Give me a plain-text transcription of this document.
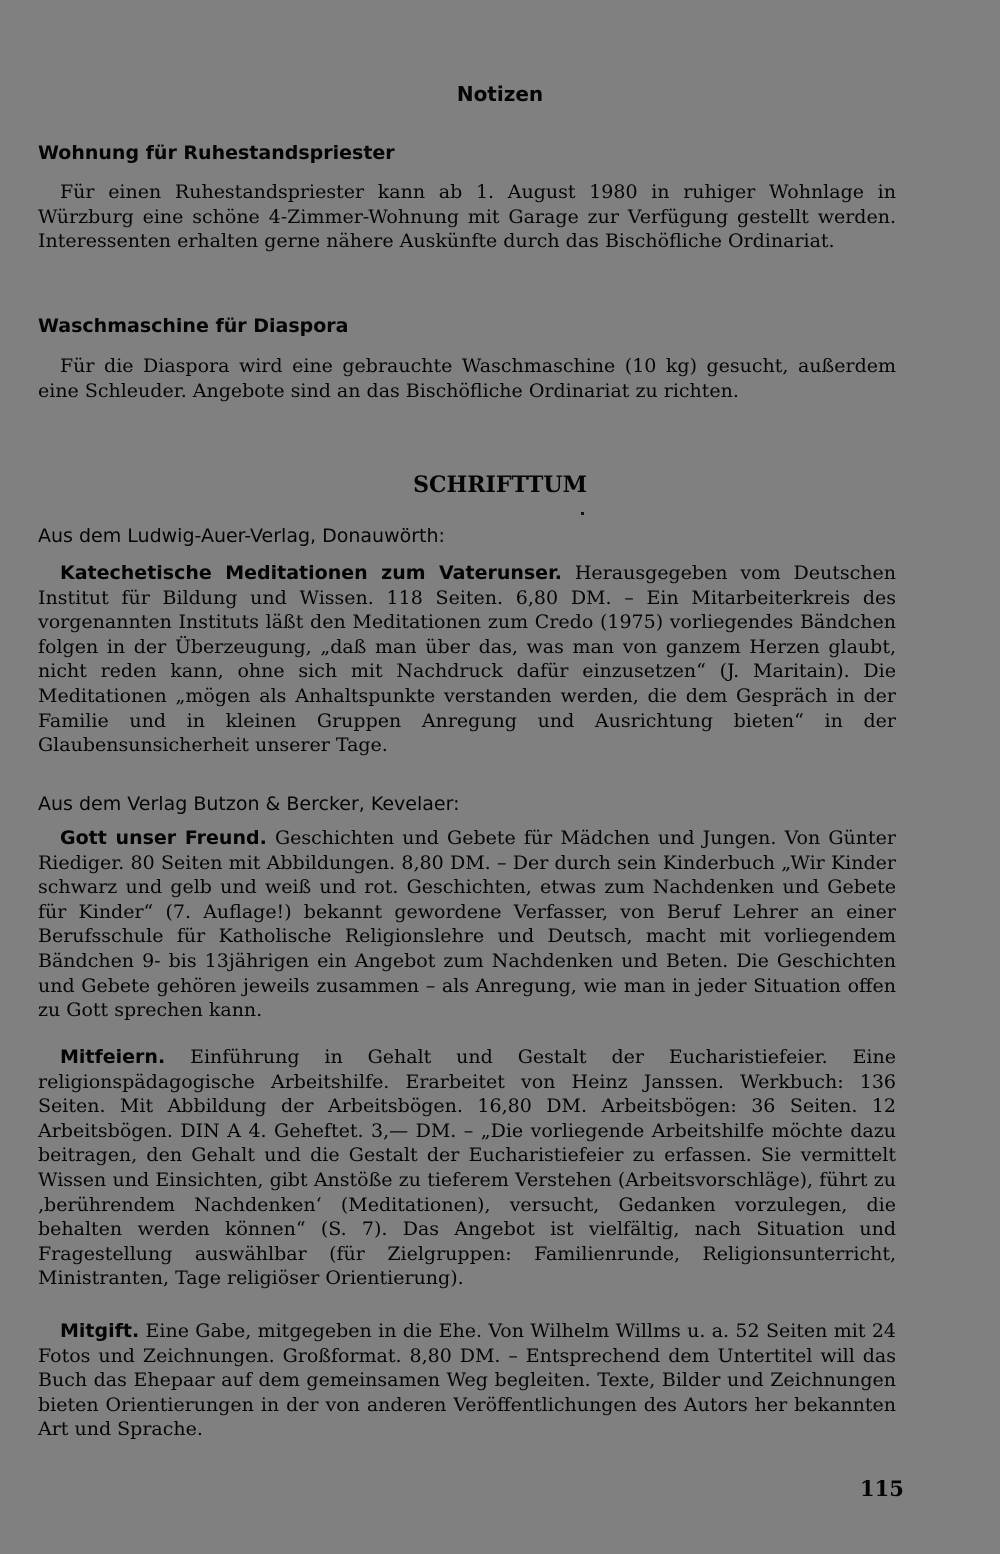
Notizen
Wohnung für Ruhestandspriester

Für einen Ruhestandspriester kann ab 1. August 1980 in ruhiger Wohnlage in Würzburg eine schöne 4-Zimmer-Wohnung mit Garage zur Verfügung gestellt werden. Interessenten erhalten gerne nähere Auskünfte durch das Bischöfliche Ordinariat.

Waschmaschine für Diaspora

Für die Diaspora wird eine gebrauchte Waschmaschine (10 kg) gesucht, außerdem eine Schleuder. Angebote sind an das Bischöfliche Ordinariat zu richten.

SCHRIFTTUM
Aus dem Ludwig-Auer-Verlag, Donauwörth:

Katechetische Meditationen zum Vaterunser. Herausgegeben vom Deutschen Institut für Bildung und Wissen. 118 Seiten. 6,80 DM. – Ein Mitarbeiterkreis des vorgenannten Instituts läßt den Meditationen zum Credo (1975) vorliegendes Bändchen folgen in der Überzeugung, „daß man über das, was man von ganzem Herzen glaubt, nicht reden kann, ohne sich mit Nachdruck dafür einzusetzen“ (J. Maritain). Die Meditationen „mögen als Anhaltspunkte verstanden werden, die dem Gespräch in der Familie und in kleinen Gruppen Anregung und Ausrichtung bieten“ in der Glaubensunsicherheit unserer Tage.

Aus dem Verlag Butzon & Bercker, Kevelaer:

Gott unser Freund. Geschichten und Gebete für Mädchen und Jungen. Von Günter Riediger. 80 Seiten mit Abbildungen. 8,80 DM. – Der durch sein Kinderbuch „Wir Kinder schwarz und gelb und weiß und rot. Geschichten, etwas zum Nachdenken und Gebete für Kinder“ (7. Auflage!) bekannt gewordene Verfasser, von Beruf Lehrer an einer Berufsschule für Katholische Religionslehre und Deutsch, macht mit vorliegendem Bändchen 9- bis 13jährigen ein Angebot zum Nachdenken und Beten. Die Geschichten und Gebete gehören jeweils zusammen – als Anregung, wie man in jeder Situation offen zu Gott sprechen kann.

Mitfeiern. Einführung in Gehalt und Gestalt der Eucharistiefeier. Eine religionspädagogische Arbeitshilfe. Erarbeitet von Heinz Janssen. Werkbuch: 136 Seiten. Mit Abbildung der Arbeitsbögen. 16,80 DM. Arbeitsbögen: 36 Seiten. 12 Arbeitsbögen. DIN A 4. Geheftet. 3,— DM. – „Die vorliegende Arbeitshilfe möchte dazu beitragen, den Gehalt und die Gestalt der Eucharistiefeier zu erfassen. Sie vermittelt Wissen und Einsichten, gibt Anstöße zu tieferem Verstehen (Arbeitsvorschläge), führt zu ‚berührendem Nachdenken‘ (Meditationen), versucht, Gedanken vorzulegen, die behalten werden können“ (S. 7). Das Angebot ist vielfältig, nach Situation und Fragestellung auswählbar (für Zielgruppen: Familienrunde, Religionsunterricht, Ministranten, Tage religiöser Orientierung).

Mitgift. Eine Gabe, mitgegeben in die Ehe. Von Wilhelm Willms u. a. 52 Seiten mit 24 Fotos und Zeichnungen. Großformat. 8,80 DM. – Entsprechend dem Untertitel will das Buch das Ehepaar auf dem gemeinsamen Weg begleiten. Texte, Bilder und Zeichnungen bieten Orientierungen in der von anderen Veröffentlichungen des Autors her bekannten Art und Sprache.

115
